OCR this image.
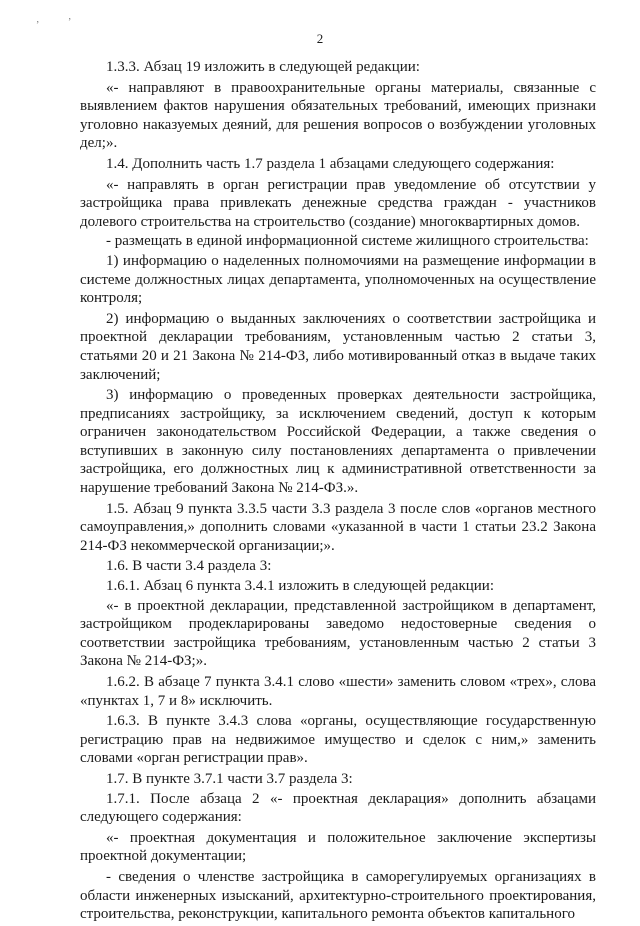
’	’
2

1.3.3. Абзац 19 изложить в следующей редакции:

«- направляют в правоохранительные органы материалы, связанные с выявлением фактов нарушения обязательных требований, имеющих признаки уголовно наказуемых деяний, для решения вопросов о возбуждении уголовных дел;».

1.4. Дополнить часть 1.7 раздела 1 абзацами следующего содержания:

«- направлять в орган регистрации прав уведомление об отсутствии у застройщика права привлекать денежные средства граждан - участников долевого строительства на строительство (создание) многоквартирных домов.

- размещать в единой информационной системе жилищного строительства:

1) информацию о наделенных полномочиями на размещение информации в системе должностных лицах департамента, уполномоченных на осуществление контроля;

2) информацию о выданных заключениях о соответствии застройщика и проектной декларации требованиям, установленным частью 2 статьи 3, статьями 20 и 21 Закона № 214-ФЗ, либо мотивированный отказ в выдаче таких заключений;

3) информацию о проведенных проверках деятельности застройщика, предписаниях застройщику, за исключением сведений, доступ к которым ограничен законодательством Российской Федерации, а также сведения о вступивших в законную силу постановлениях департамента о привлечении застройщика, его должностных лиц к административной ответственности за нарушение требований Закона № 214-ФЗ.».

1.5. Абзац 9 пункта 3.3.5 части 3.3 раздела 3 после слов «органов местного самоуправления,» дополнить словами «указанной в части 1 статьи 23.2 Закона 214-ФЗ некоммерческой организации;».

1.6. В части 3.4 раздела 3:

1.6.1. Абзац 6 пункта 3.4.1 изложить в следующей редакции:

«- в проектной декларации, представленной застройщиком в департамент, застройщиком продекларированы заведомо недостоверные сведения о соответствии застройщика требованиям, установленным частью 2 статьи 3 Закона № 214-ФЗ;».

1.6.2. В абзаце 7 пункта 3.4.1 слово «шести» заменить словом «трех», слова «пунктах 1, 7 и 8» исключить.

1.6.3. В пункте 3.4.3 слова «органы, осуществляющие государственную регистрацию прав на недвижимое имущество и сделок с ним,» заменить словами «орган регистрации прав».

1.7. В пункте 3.7.1 части 3.7 раздела 3:

1.7.1. После абзаца 2 «- проектная декларация» дополнить абзацами следующего содержания:

«- проектная документация и положительное заключение экспертизы проектной документации;

- сведения о членстве застройщика в саморегулируемых организациях в области инженерных изысканий, архитектурно-строительного проектирования, строительства, реконструкции, капитального ремонта объектов капитального
